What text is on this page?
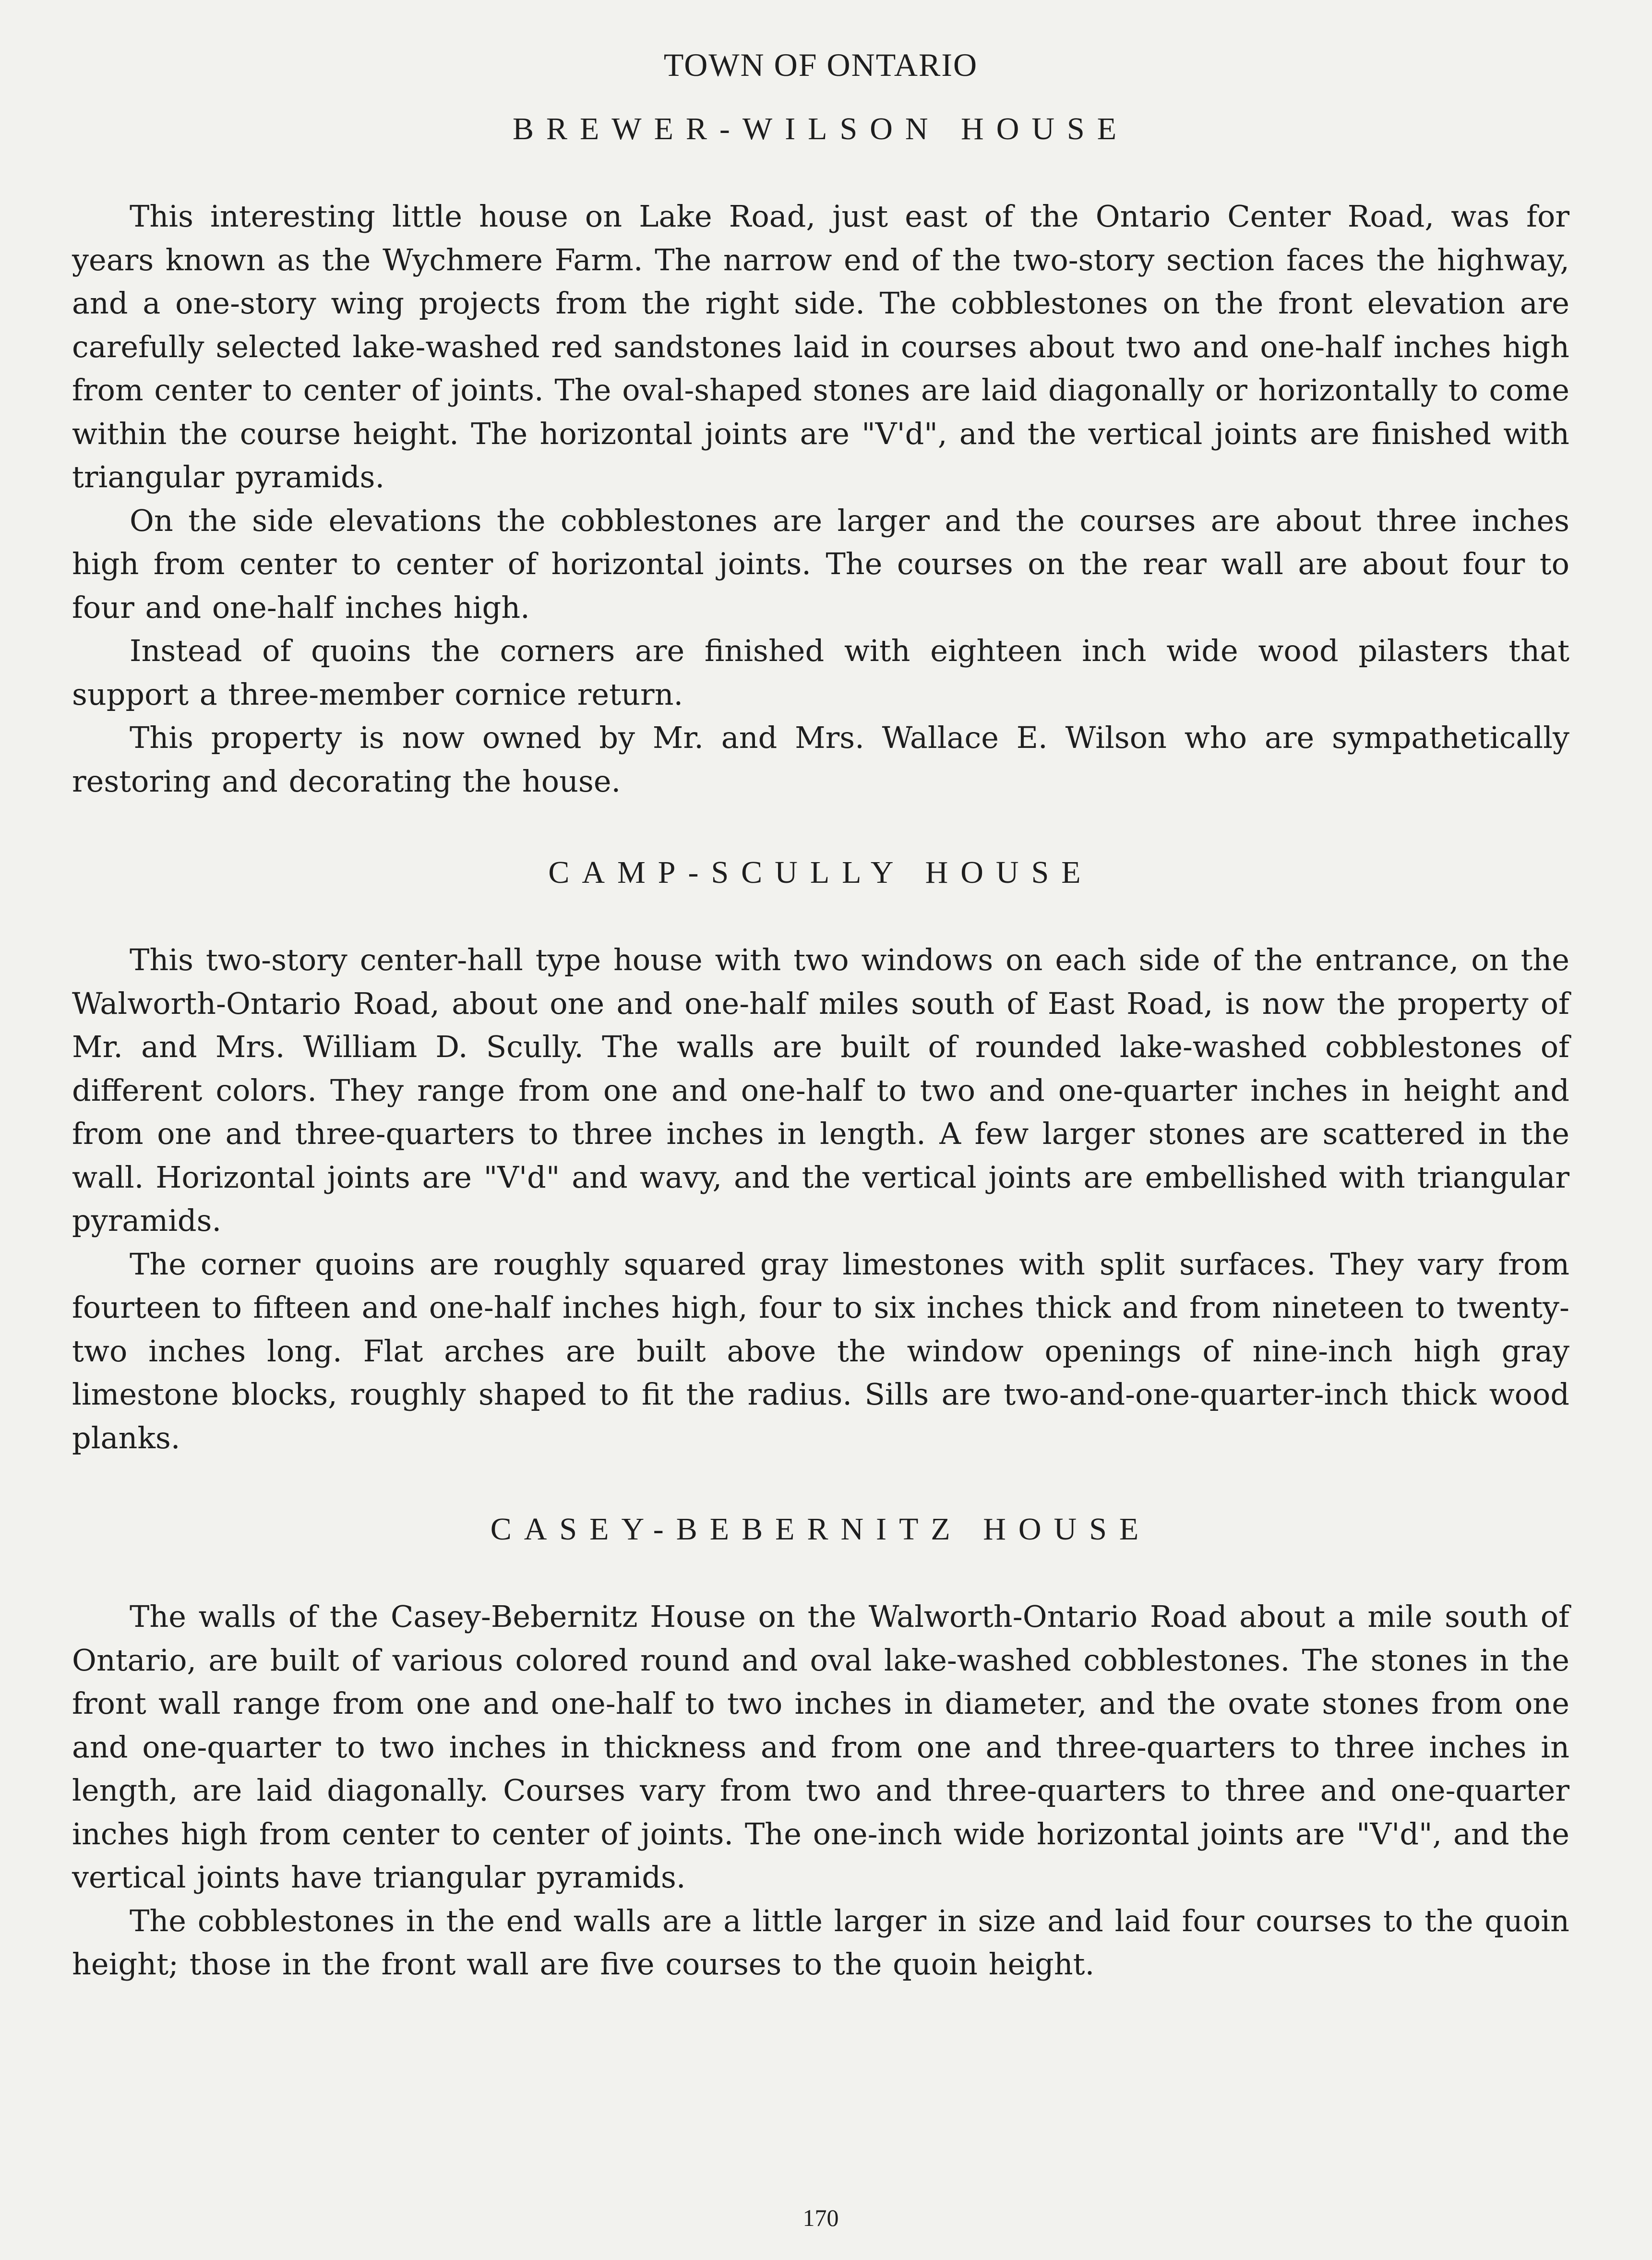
TOWN OF ONTARIO
BREWER-WILSON HOUSE

This interesting little house on Lake Road, just east of the Ontario Center Road, was for years known as the Wychmere Farm. The narrow end of the two-story section faces the highway, and a one-story wing projects from the right side. The cobblestones on the front elevation are carefully selected lake-washed red sandstones laid in courses about two and one-half inches high from center to center of joints. The oval-shaped stones are laid diagonally or horizontally to come within the course height. The horizontal joints are "V'd", and the vertical joints are finished with triangular pyramids.

On the side elevations the cobblestones are larger and the courses are about three inches high from center to center of horizontal joints. The courses on the rear wall are about four to four and one-half inches high.

Instead of quoins the corners are finished with eighteen inch wide wood pilasters that support a three-member cornice return.

This property is now owned by Mr. and Mrs. Wallace E. Wilson who are sympathetically restoring and decorating the house.

CAMP-SCULLY HOUSE

This two-story center-hall type house with two windows on each side of the entrance, on the Walworth-Ontario Road, about one and one-half miles south of East Road, is now the property of Mr. and Mrs. William D. Scully. The walls are built of rounded lake-washed cobblestones of different colors. They range from one and one-half to two and one-quarter inches in height and from one and three-quarters to three inches in length. A few larger stones are scattered in the wall. Horizontal joints are "V'd" and wavy, and the vertical joints are embellished with triangular pyramids.

The corner quoins are roughly squared gray limestones with split surfaces. They vary from fourteen to fifteen and one-half inches high, four to six inches thick and from nineteen to twenty-two inches long. Flat arches are built above the window openings of nine-inch high gray limestone blocks, roughly shaped to fit the radius. Sills are two-and-one-quarter-inch thick wood planks.

CASEY-BEBERNITZ HOUSE

The walls of the Casey-Bebernitz House on the Walworth-Ontario Road about a mile south of Ontario, are built of various colored round and oval lake-washed cobblestones. The stones in the front wall range from one and one-half to two inches in diameter, and the ovate stones from one and one-quarter to two inches in thickness and from one and three-quarters to three inches in length, are laid diagonally. Courses vary from two and three-quarters to three and one-quarter inches high from center to center of joints. The one-inch wide horizontal joints are "V'd", and the vertical joints have triangular pyramids.

The cobblestones in the end walls are a little larger in size and laid four courses to the quoin height; those in the front wall are five courses to the quoin height.

170
